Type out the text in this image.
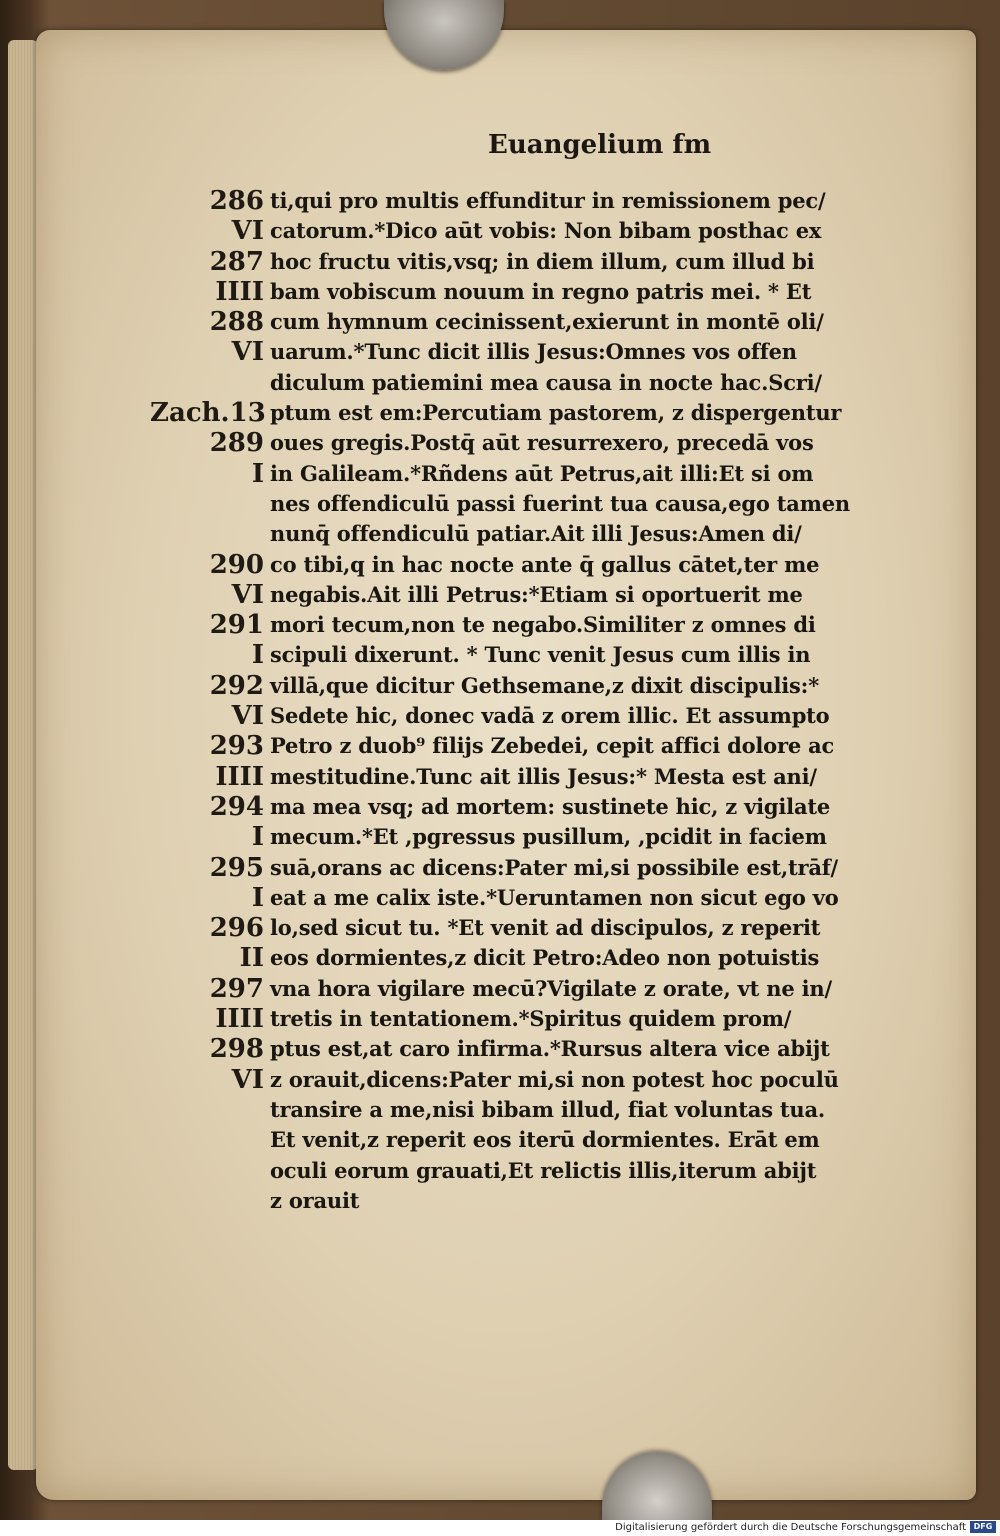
Euangelium fm
286 ti,qui pro multis effunditur in remissionem pec/
VI catorum.*Dico aūt vobis: Non bibam posthac ex
287 hoc fructu vitis,vsq; in diem illum, cum illud bi
IIII bam vobiscum nouum in regno patris mei. * Et
288 cum hymnum cecinissent,exierunt in montē oli/
VI uarum.*Tunc dicit illis Jesus:Omnes vos offen
diculum patiemini mea causa in nocte hac.Scri/
Zach.13 ptum est em:Percutiam pastorem, z dispergentur
289 oues gregis.Postq̄ aūt resurrexero, precedā vos
I in Galileam.*Rñdens aūt Petrus,ait illi:Et si om
nes offendiculū passi fuerint tua causa,ego tamen
nunq̄ offendiculū patiar.Ait illi Jesus:Amen di/
290 co tibi,q in hac nocte ante q̄ gallus cātet,ter me
VI negabis.Ait illi Petrus:*Etiam si oportuerit me
291 mori tecum,non te negabo.Similiter z omnes di
I scipuli dixerunt. * Tunc venit Jesus cum illis in
292 villā,que dicitur Gethsemane,z dixit discipulis:*
VI Sedete hic, donec vadā z orem illic. Et assumpto
293 Petro z duob⁹ filijs Zebedei, cepit affici dolore ac
IIII mestitudine.Tunc ait illis Jesus:* Mesta est ani/
294 ma mea vsq; ad mortem: sustinete hic, z vigilate
I mecum.*Et ,pgressus pusillum, ,pcidit in faciem
295 suā,orans ac dicens:Pater mi,si possibile est,trāf/
I eat a me calix iste.*Ueruntamen non sicut ego vo
296 lo,sed sicut tu. *Et venit ad discipulos, z reperit
II eos dormientes,z dicit Petro:Adeo non potuistis
297 vna hora vigilare mecū?Vigilate z orate, vt ne in/
IIII tretis in tentationem.*Spiritus quidem prom/
298 ptus est,at caro infirma.*Rursus altera vice abijt
VI z orauit,dicens:Pater mi,si non potest hoc poculū
transire a me,nisi bibam illud, fiat voluntas tua.
Et venit,z reperit eos iterū dormientes. Erāt em
oculi eorum grauati,Et relictis illis,iterum abijt
z orauit
Digitalisierung gefördert durch die Deutsche Forschungsgemeinschaft DFG
